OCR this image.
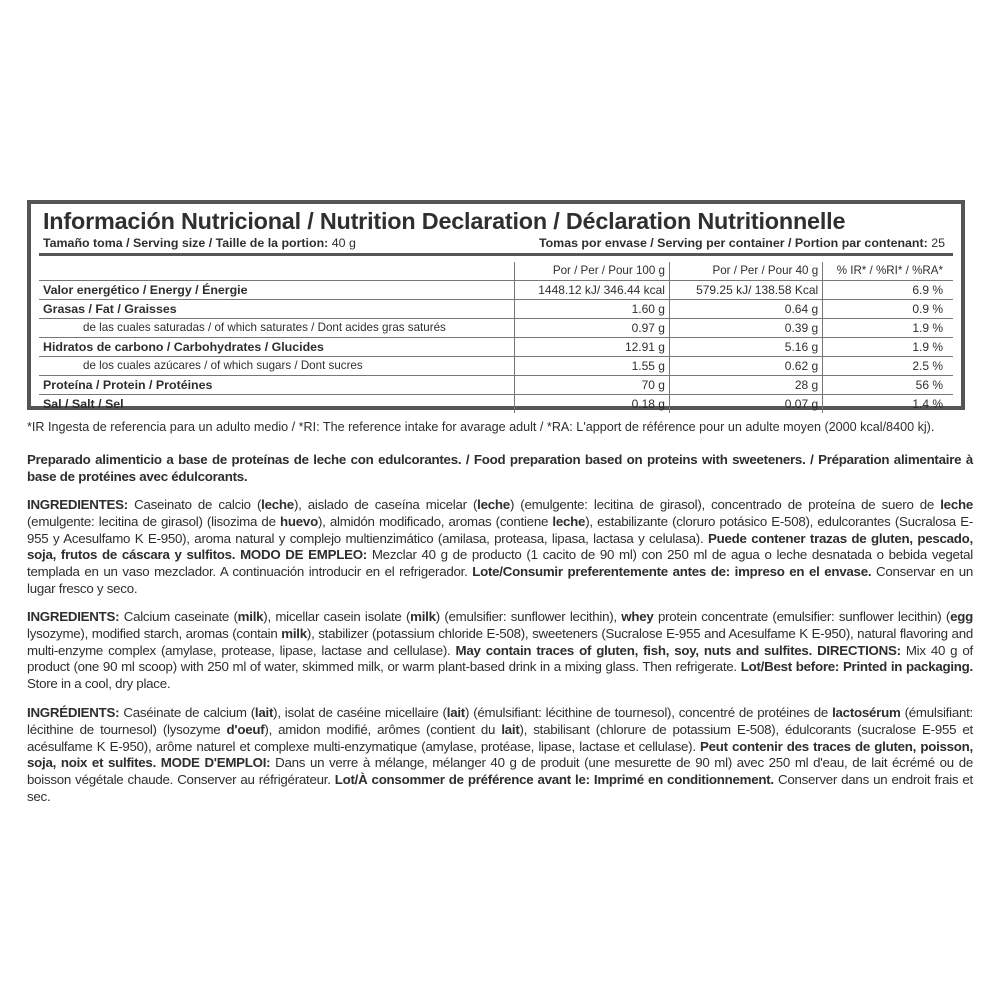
Información Nutricional / Nutrition Declaration / Déclaration Nutritionnelle
Tamaño toma / Serving size / Taille de la portion: 40 g	Tomas por envase / Serving per container / Portion par contenant: 25
	Por / Per / Pour 100 g	Por / Per / Pour 40 g	% IR* / %RI* / %RA*
Valor energético / Energy / Énergie	1448.12 kJ/ 346.44 kcal	579.25 kJ/ 138.58 Kcal	6.9 %
Grasas / Fat / Graisses	1.60 g	0.64 g	0.9 %
de las cuales saturadas / of which saturates / Dont acides gras saturés	0.97 g	0.39 g	1.9 %
Hidratos de carbono / Carbohydrates / Glucides	12.91 g	5.16 g	1.9 %
de los cuales azúcares / of which sugars / Dont sucres	1.55 g	0.62 g	2.5 %
Proteína / Protein / Protéines	70 g	28 g	56 %
Sal / Salt / Sel	0.18 g	0.07 g	1.4 %
*IR Ingesta de referencia para un adulto medio / *RI: The reference intake for avarage adult / *RA: L'apport de référence pour un adulte moyen (2000 kcal/8400 kj).
Preparado alimenticio a base de proteínas de leche con edulcorantes. / Food preparation based on proteins with sweeteners. / Préparation alimentaire à base de protéines avec édulcorants.
INGREDIENTES: Caseinato de calcio (leche), aislado de caseína micelar (leche) (emulgente: lecitina de girasol), concentrado de proteína de suero de leche (emulgente: lecitina de girasol) (lisozima de huevo), almidón modificado, aromas (contiene leche), estabilizante (cloruro potásico E-508), edulcorantes (Sucralosa E-955 y Acesulfamo K E-950), aroma natural y complejo multienzimático (amilasa, proteasa, lipasa, lactasa y celulasa). Puede contener trazas de gluten, pescado, soja, frutos de cáscara y sulfitos. MODO DE EMPLEO: Mezclar 40 g de producto (1 cacito de 90 ml) con 250 ml de agua o leche desnatada o bebida vegetal templada en un vaso mezclador. A continuación introducir en el refrigerador. Lote/Consumir preferentemente antes de: impreso en el envase. Conservar en un lugar fresco y seco.
INGREDIENTS: Calcium caseinate (milk), micellar casein isolate (milk) (emulsifier: sunflower lecithin), whey protein concentrate (emulsifier: sunflower lecithin) (egg lysozyme), modified starch, aromas (contain milk), stabilizer (potassium chloride E-508), sweeteners (Sucralose E-955 and Acesulfame K E-950), natural flavoring and multi-enzyme complex (amylase, protease, lipase, lactase and cellulase). May contain traces of gluten, fish, soy, nuts and sulfites. DIRECTIONS: Mix 40 g of product (one 90 ml scoop) with 250 ml of water, skimmed milk, or warm plant-based drink in a mixing glass. Then refrigerate. Lot/Best before: Printed in packaging. Store in a cool, dry place.
INGRÉDIENTS: Caséinate de calcium (lait), isolat de caséine micellaire (lait) (émulsifiant: lécithine de tournesol), concentré de protéines de lactosérum (émulsifiant: lécithine de tournesol) (lysozyme d'oeuf), amidon modifié, arômes (contient du lait), stabilisant (chlorure de potassium E-508), édulcorants (sucralose E-955 et acésulfame K E-950), arôme naturel et complexe multi-enzymatique (amylase, protéase, lipase, lactase et cellulase). Peut contenir des traces de gluten, poisson, soja, noix et sulfites. MODE D'EMPLOI: Dans un verre à mélange, mélanger 40 g de produit (une mesurette de 90 ml) avec 250 ml d'eau, de lait écrémé ou de boisson végétale chaude. Conserver au réfrigérateur. Lot/À consommer de préférence avant le: Imprimé en conditionnement. Conserver dans un endroit frais et sec.
